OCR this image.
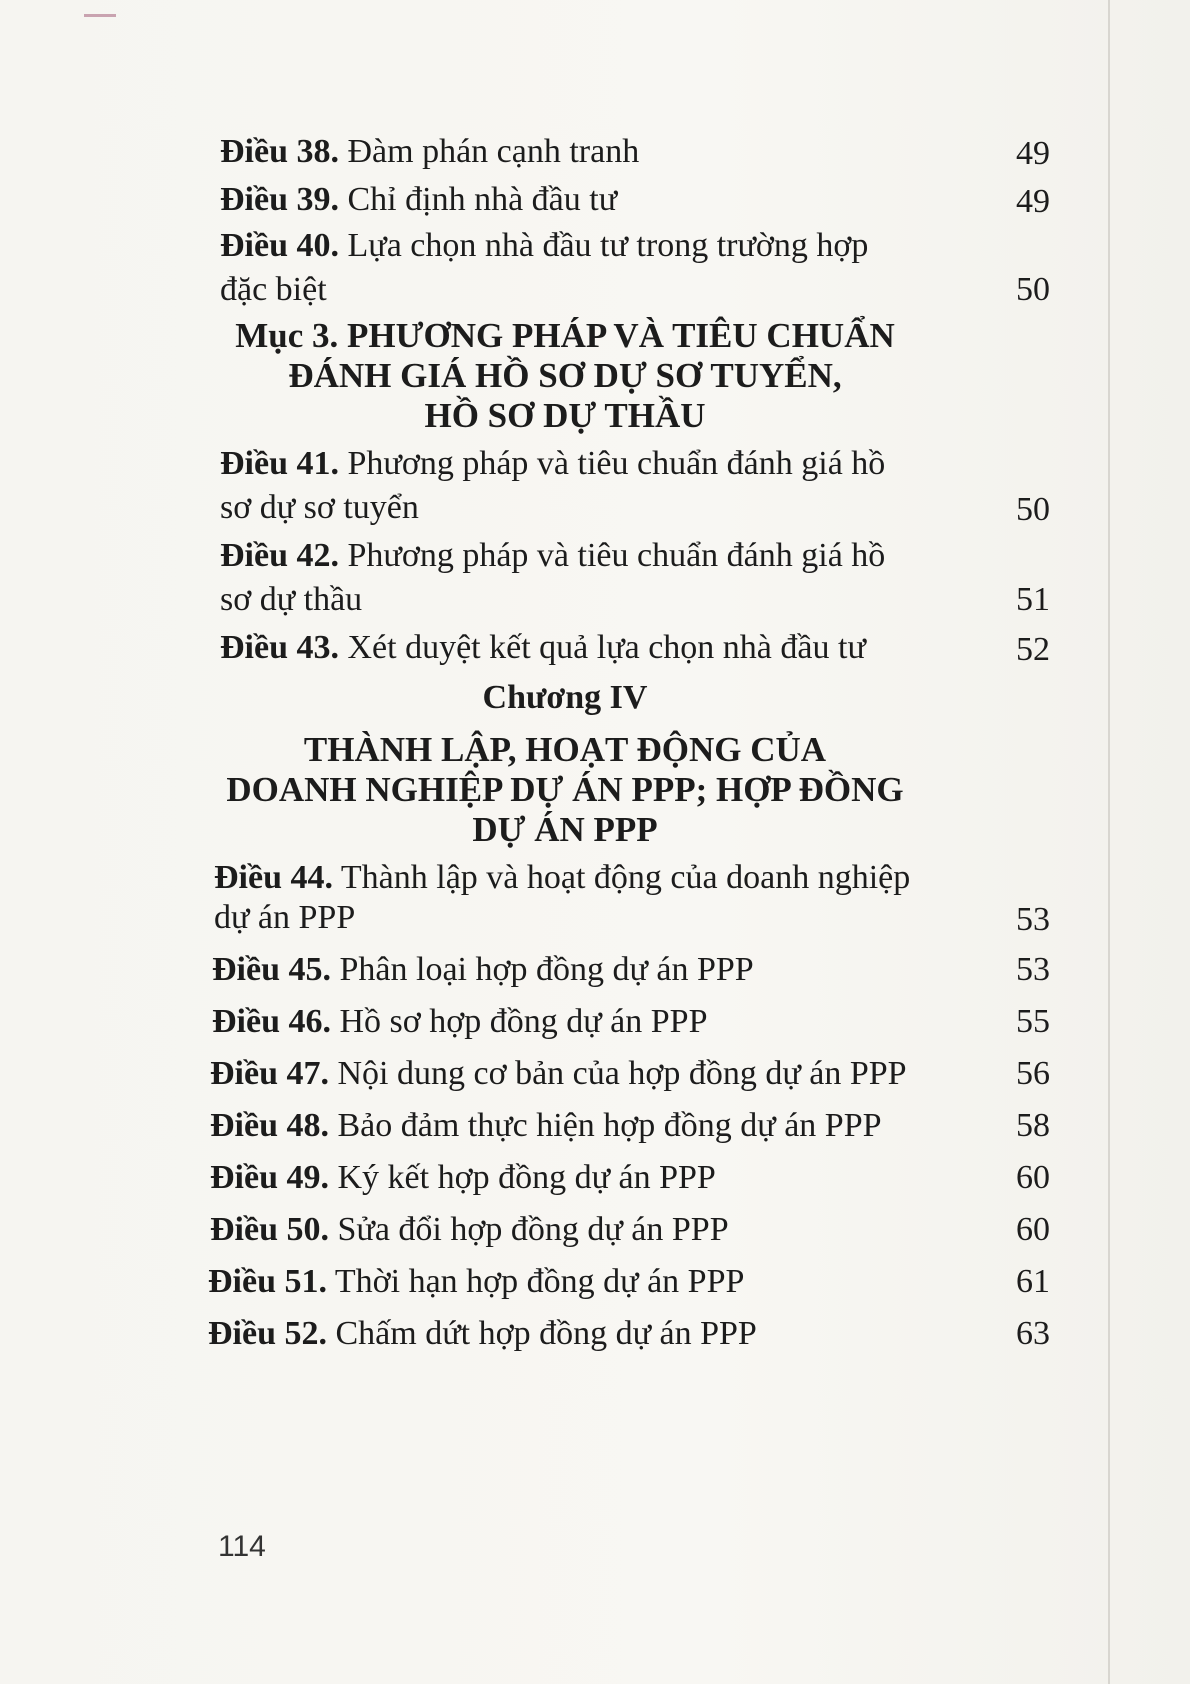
Điều 38. Đàm phán cạnh tranh	49
Điều 39. Chỉ định nhà đầu tư	49
Điều 40. Lựa chọn nhà đầu tư trong trường hợp
đặc biệt	50
Mục 3. PHƯƠNG PHÁP VÀ TIÊU CHUẨN
ĐÁNH GIÁ HỒ SƠ DỰ SƠ TUYỂN,
HỒ SƠ DỰ THẦU
Điều 41. Phương pháp và tiêu chuẩn đánh giá hồ
sơ dự sơ tuyển	50
Điều 42. Phương pháp và tiêu chuẩn đánh giá hồ
sơ dự thầu	51
Điều 43. Xét duyệt kết quả lựa chọn nhà đầu tư	52
Chương IV
THÀNH LẬP, HOẠT ĐỘNG CỦA
DOANH NGHIỆP DỰ ÁN PPP; HỢP ĐỒNG
DỰ ÁN PPP
Điều 44. Thành lập và hoạt động của doanh nghiệp
dự án PPP	53
Điều 45. Phân loại hợp đồng dự án PPP	53
Điều 46. Hồ sơ hợp đồng dự án PPP	55
Điều 47. Nội dung cơ bản của hợp đồng dự án PPP	56
Điều 48. Bảo đảm thực hiện hợp đồng dự án PPP	58
Điều 49. Ký kết hợp đồng dự án PPP	60
Điều 50. Sửa đổi hợp đồng dự án PPP	60
Điều 51. Thời hạn hợp đồng dự án PPP	61
Điều 52. Chấm dứt hợp đồng dự án PPP	63
114
